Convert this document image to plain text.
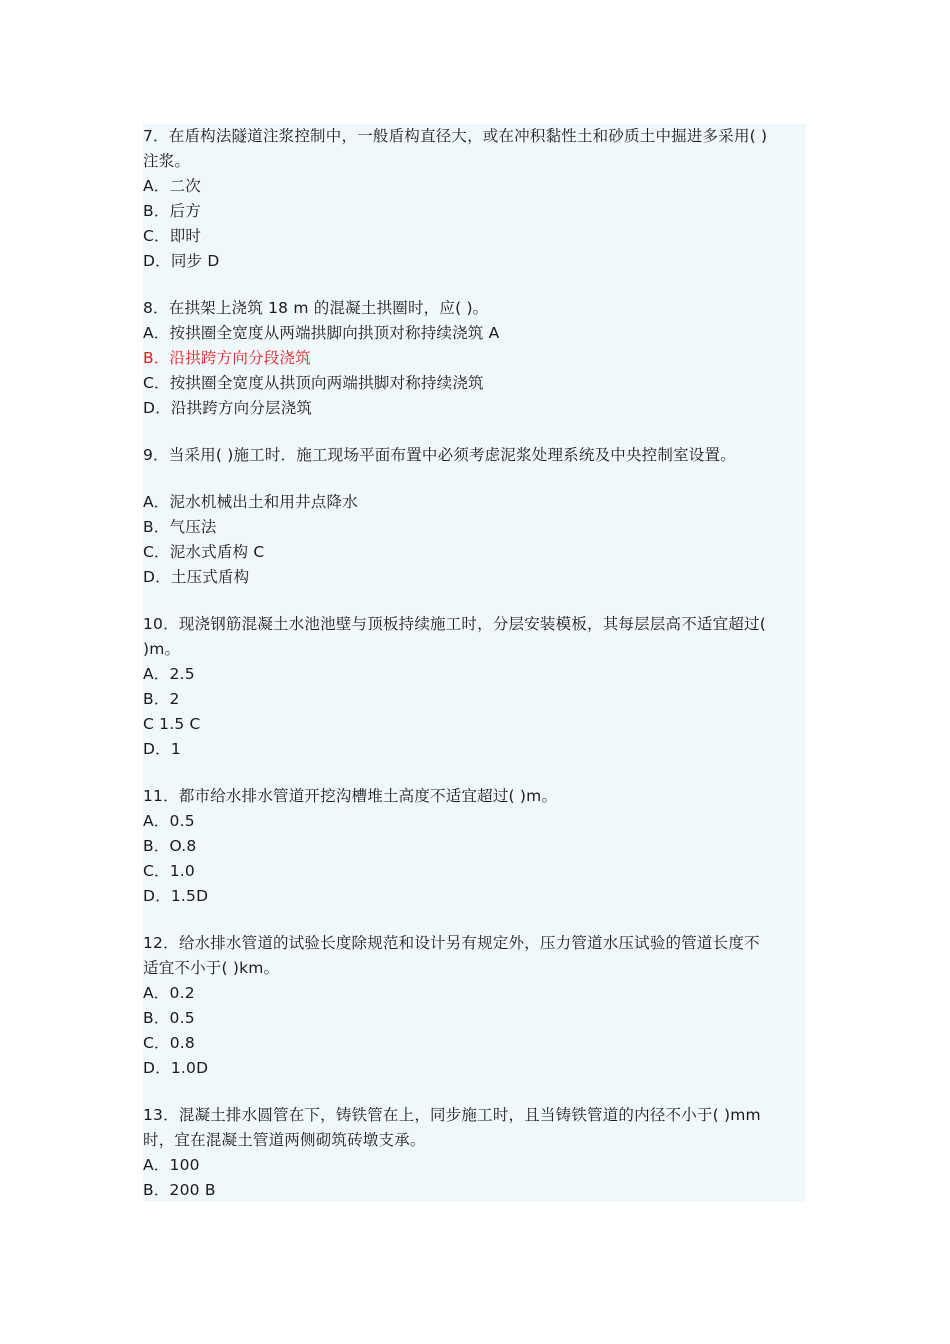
7．在盾构法隧道注浆控制中，一般盾构直径大，或在冲积黏性土和砂质土中掘进多采用( )
注浆。
A．二次
B．后方
C．即时
D．同步 D
8．在拱架上浇筑 18 m 的混凝土拱圈时，应( )。
A．按拱圈全宽度从两端拱脚向拱顶对称持续浇筑 A
B．沿拱跨方向分段浇筑
C．按拱圈全宽度从拱顶向两端拱脚对称持续浇筑
D．沿拱跨方向分层浇筑
9．当采用( )施工时．施工现场平面布置中必须考虑泥浆处理系统及中央控制室设置。
A．泥水机械出土和用井点降水
B．气压法
C．泥水式盾构 C
D．土压式盾构
10．现浇钢筋混凝土水池池壁与顶板持续施工时，分层安装模板，其每层层高不适宜超过(
)m。
A．2.5
B．2
C 1.5 C
D．1
11．都市给水排水管道开挖沟槽堆土高度不适宜超过( )m。
A．0.5
B．O.8
C．1.0
D．1.5D
12．给水排水管道的试验长度除规范和设计另有规定外，压力管道水压试验的管道长度不
适宜不小于( )km。
A．0.2
B．0.5
C．0.8
D．1.0D
13．混凝土排水圆管在下，铸铁管在上，同步施工时，且当铸铁管道的内径不小于( )mm
时，宜在混凝土管道两侧砌筑砖墩支承。
A．100
B．200 B
